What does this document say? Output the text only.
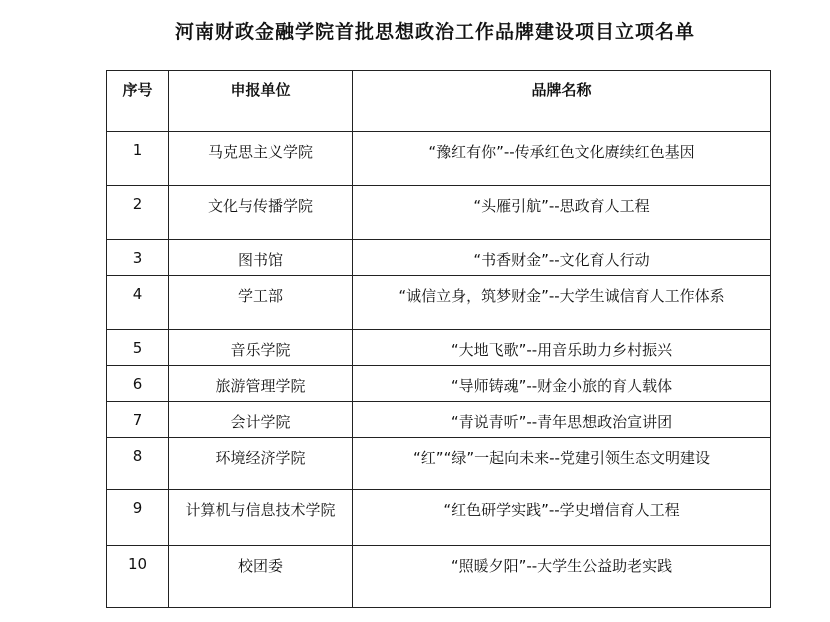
河南财政金融学院首批思想政治工作品牌建设项目立项名单
序号	申报单位	品牌名称
1	马克思主义学院	“豫红有你”--传承红色文化赓续红色基因
2	文化与传播学院	“头雁引航”--思政育人工程
3	图书馆	“书香财金”--文化育人行动
4	学工部	“诚信立身，筑梦财金”--大学生诚信育人工作体系
5	音乐学院	“大地飞歌”--用音乐助力乡村振兴
6	旅游管理学院	“导师铸魂”--财金小旅的育人载体
7	会计学院	“青说青听”--青年思想政治宣讲团
8	环境经济学院	“红”“绿”一起向未来--党建引领生态文明建设
9	计算机与信息技术学院	“红色研学实践”--学史增信育人工程
10	校团委	“照暖夕阳”--大学生公益助老实践
